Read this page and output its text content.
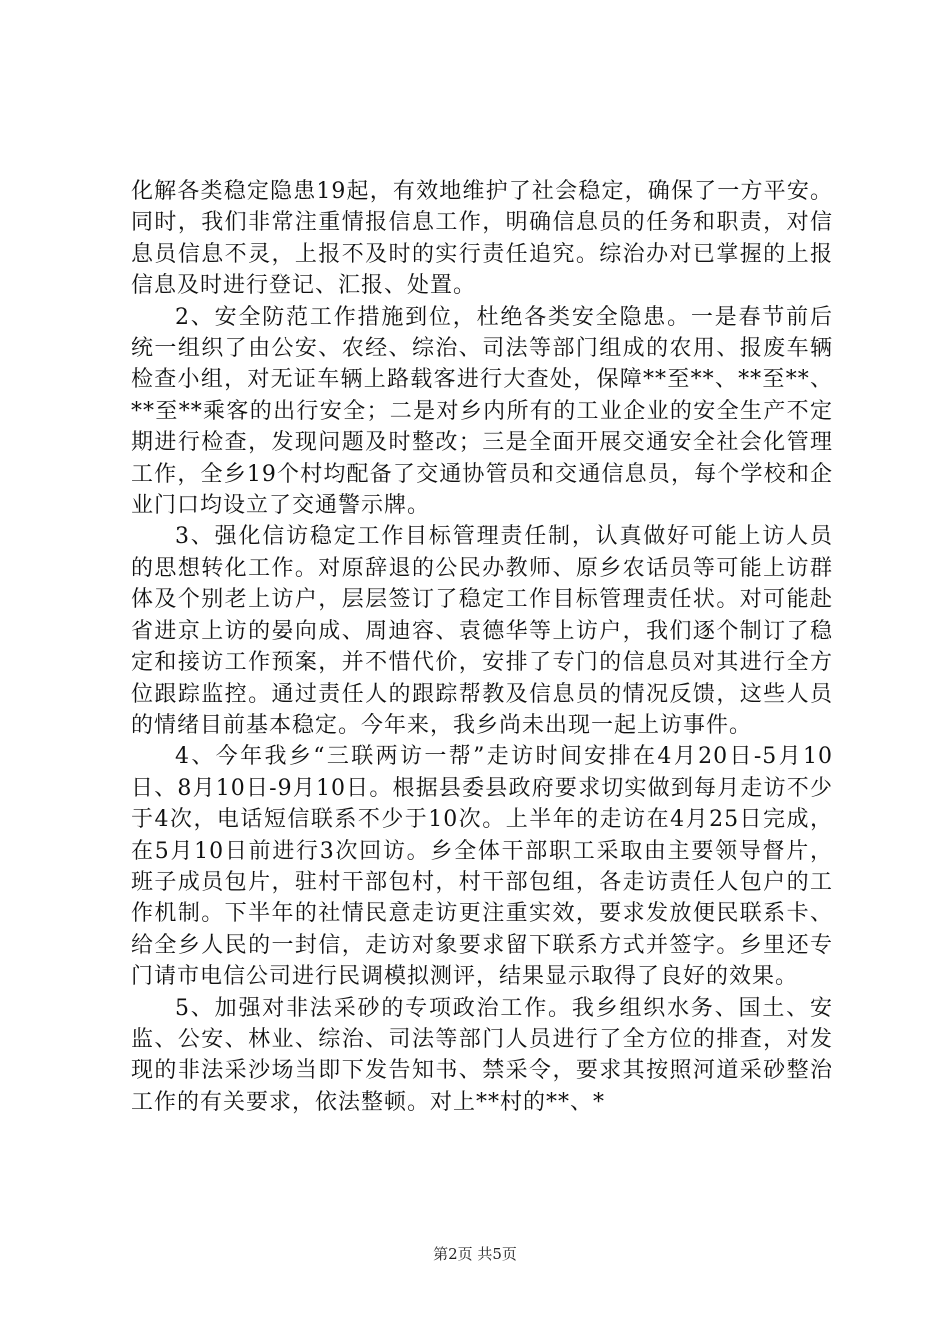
化解各类稳定隐患19起，有效地维护了社会稳定，确保了一方平安。同时，我们非常注重情报信息工作，明确信息员的任务和职责，对信息员信息不灵，上报不及时的实行责任追究。综治办对已掌握的上报信息及时进行登记、汇报、处置。

2、安全防范工作措施到位，杜绝各类安全隐患。一是春节前后统一组织了由公安、农经、综治、司法等部门组成的农用、报废车辆检查小组，对无证车辆上路载客进行大查处，保障**至**、**至**、**至**乘客的出行安全；二是对乡内所有的工业企业的安全生产不定期进行检查，发现问题及时整改；三是全面开展交通安全社会化管理工作，全乡19个村均配备了交通协管员和交通信息员，每个学校和企业门口均设立了交通警示牌。

3、强化信访稳定工作目标管理责任制，认真做好可能上访人员的思想转化工作。对原辞退的公民办教师、原乡农话员等可能上访群体及个别老上访户，层层签订了稳定工作目标管理责任状。对可能赴省进京上访的晏向成、周迪容、袁德华等上访户，我们逐个制订了稳定和接访工作预案，并不惜代价，安排了专门的信息员对其进行全方位跟踪监控。通过责任人的跟踪帮教及信息员的情况反馈，这些人员的情绪目前基本稳定。今年来，我乡尚未出现一起上访事件。

4、今年我乡“三联两访一帮”走访时间安排在4月20日-5月10日、8月10日-9月10日。根据县委县政府要求切实做到每月走访不少于4次，电话短信联系不少于10次。上半年的走访在4月25日完成，在5月10日前进行3次回访。乡全体干部职工采取由主要领导督片，班子成员包片，驻村干部包村，村干部包组，各走访责任人包户的工作机制。下半年的社情民意走访更注重实效，要求发放便民联系卡、给全乡人民的一封信，走访对象要求留下联系方式并签字。乡里还专门请市电信公司进行民调模拟测评，结果显示取得了良好的效果。

5、加强对非法采砂的专项政治工作。我乡组织水务、国土、安监、公安、林业、综治、司法等部门人员进行了全方位的排查，对发现的非法采沙场当即下发告知书、禁采令，要求其按照河道采砂整治工作的有关要求，依法整顿。对上**村的**、*

第2页 共5页
